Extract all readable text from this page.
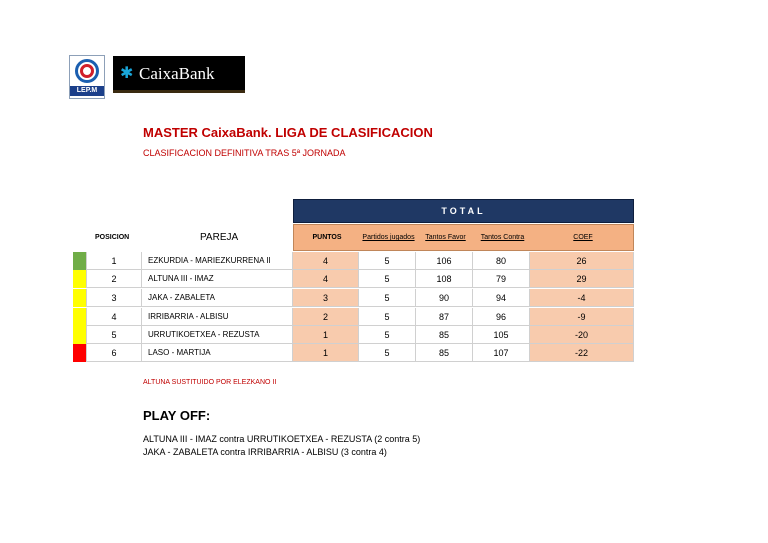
LEP.M
✱ CaixaBank
MASTER CaixaBank. LIGA DE CLASIFICACION
CLASIFICACION DEFINITIVA TRAS 5ª JORNADA
TOTAL
POSICION	PAREJA	PUNTOS	Partidos jugados	Tantos Favor	Tantos Contra	COEF
1	EZKURDIA - MARIEZKURRENA II	4	5	106	80	26
2	ALTUNA III - IMAZ	4	5	108	79	29
3	JAKA - ZABALETA	3	5	90	94	-4
4	IRRIBARRIA - ALBISU	2	5	87	96	-9
5	URRUTIKOETXEA - REZUSTA	1	5	85	105	-20
6	LASO - MARTIJA	1	5	85	107	-22
ALTUNA SUSTITUIDO POR ELEZKANO II
PLAY OFF:
ALTUNA III - IMAZ contra URRUTIKOETXEA - REZUSTA (2 contra 5)
JAKA - ZABALETA contra IRRIBARRIA - ALBISU (3 contra 4)
